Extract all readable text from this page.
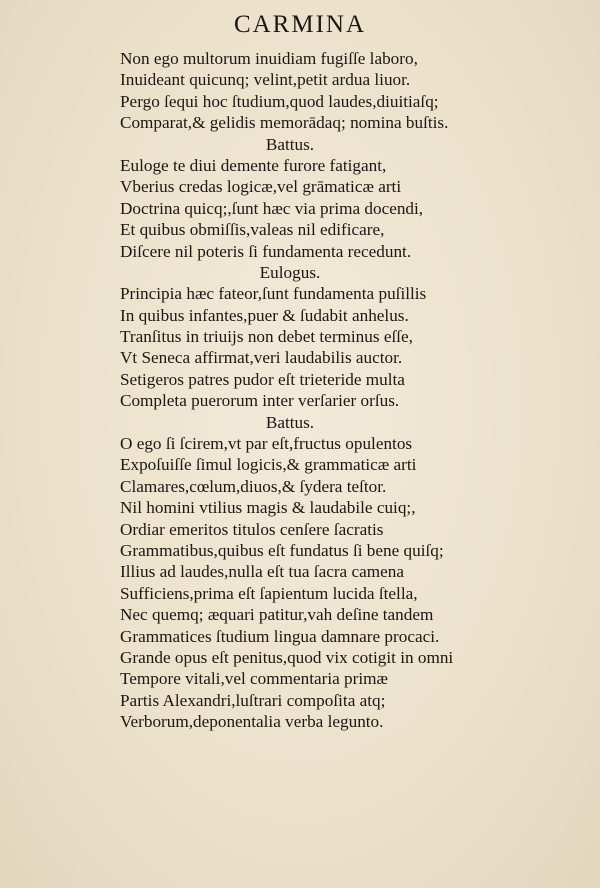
CARMINA
Non ego multorum inuidiam fugiſſe laboro,
Inuideant quicunq; velint,petit ardua liuor.
Pergo ſequi hoc ſtudium,quod laudes,diuitiaſq;
Comparat,& gelidis memorādaq; nomina buſtis.
Battus.
Euloge te diui demente furore fatigant,
Vberius credas logicæ,vel grāmaticæ arti
Doctrina quicq;,ſunt hæc via prima docendi,
Et quibus obmiſſis,valeas nil edificare,
Diſcere nil poteris ſi fundamenta recedunt.
Eulogus.
Principia hæc fateor,ſunt fundamenta puſillis
In quibus infantes,puer & ſudabit anhelus.
Tranſitus in triuijs non debet terminus eſſe,
Vt Seneca affirmat,veri laudabilis auctor.
Setigeros patres pudor eſt trieteride multa
Completa puerorum inter verſarier orſus.
Battus.
O ego ſi ſcirem,vt par eſt,fructus opulentos
Expoſuiſſe ſimul logicis,& grammaticæ arti
Clamares,cœlum,diuos,& ſydera teſtor.
Nil homini vtilius magis & laudabile cuiq;,
Ordiar emeritos titulos cenſere ſacratis
Grammatibus,quibus eſt fundatus ſi bene quiſq;
Illius ad laudes,nulla eſt tua ſacra camena
Sufficiens,prima eſt ſapientum lucida ſtella,
Nec quemq; æquari patitur,vah deſine tandem
Grammatices ſtudium lingua damnare procaci.
Grande opus eſt penitus,quod vix cotigit in omni
Tempore vitali,vel commentaria primæ
Partis Alexandri,luſtrari compoſita atq;
Verborum,deponentalia verba legunto.
